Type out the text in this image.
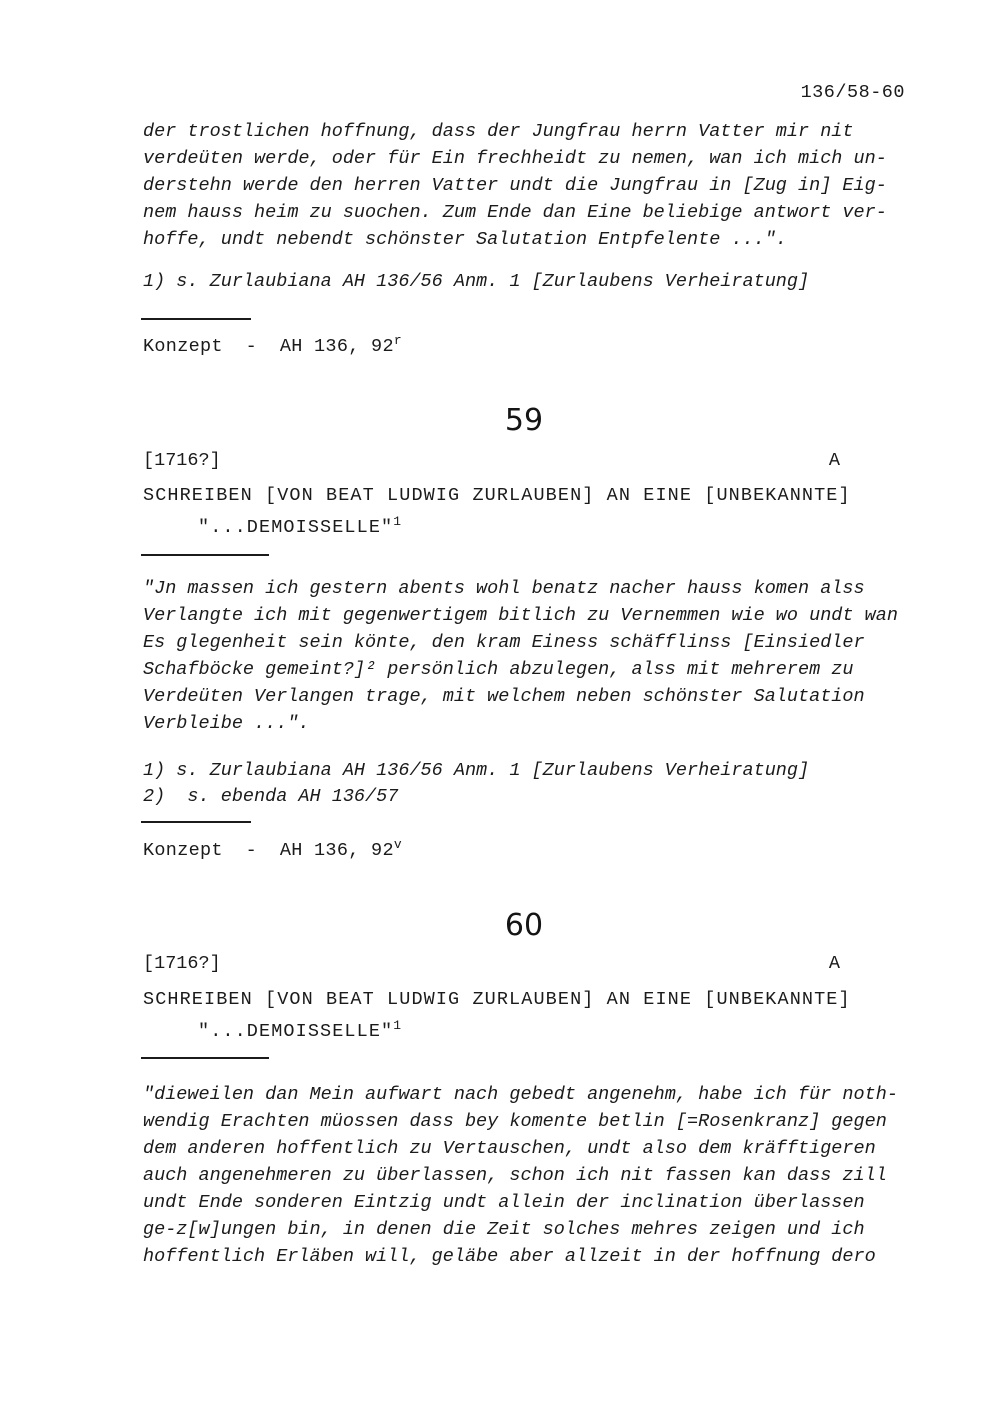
136/58-60
der trostlichen hoffnung, dass der Jungfrau herrn Vatter mir nit
verdeüten werde, oder für Ein frechheidt zu nemen, wan ich mich un-
derstehn werde den herren Vatter undt die Jungfrau in [Zug in] Eig-
nem hauss heim zu suochen. Zum Ende dan Eine beliebige antwort ver-
hoffe, undt nebendt schönster Salutation Entpfelente ...".
1) s. Zurlaubiana AH 136/56 Anm. 1 [Zurlaubens Verheiratung]
Konzept  -  AH 136, 92$^r$
59
[1716?]	A
SCHREIBEN [VON BEAT LUDWIG ZURLAUBEN] AN EINE [UNBEKANNTE]
"...DEMOISSELLE"$^1$
"Jn massen ich gestern abents wohl benatz nacher hauss komen alss
Verlangte ich mit gegenwertigem bitlich zu Vernemmen wie wo undt wan
Es glegenheit sein könte, den kram Einess schäfflinss [Einsiedler
Schafböcke gemeint?]² persönlich abzulegen, alss mit mehrerem zu
Verdeüten Verlangen trage, mit welchem neben schönster Salutation
Verbleibe ...".
1) s. Zurlaubiana AH 136/56 Anm. 1 [Zurlaubens Verheiratung]
2)  s. ebenda AH 136/57
Konzept  -  AH 136, 92$^v$
60
[1716?]	A
SCHREIBEN [VON BEAT LUDWIG ZURLAUBEN] AN EINE [UNBEKANNTE]
"...DEMOISSELLE"$^1$
"dieweilen dan Mein aufwart nach gebedt angenehm, habe ich für noth-
wendig Erachten müossen dass bey komente betlin [=Rosenkranz] gegen
dem anderen hoffentlich zu Vertauschen, undt also dem kräfftigeren
auch angenehmeren zu überlassen, schon ich nit fassen kan dass zill
undt Ende sonderen Eintzig undt allein der inclination überlassen
ge-z[w]ungen bin, in denen die Zeit solches mehres zeigen und ich
hoffentlich Erläben will, geläbe aber allzeit in der hoffnung dero
